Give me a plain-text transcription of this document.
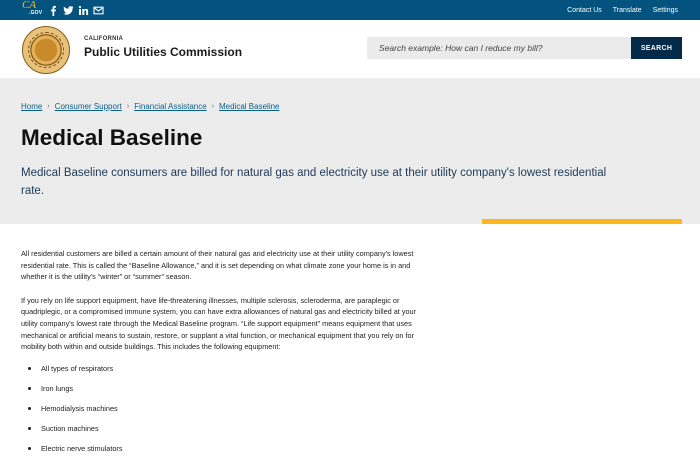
CA
.GOV	Contact Us Translate Settings
CALIFORNIA
Public Utilities Commission
Search example: How can I reduce my bill?	SEARCH
Home › Consumer Support › Financial Assistance › Medical Baseline
Medical Baseline

Medical Baseline consumers are billed for natural gas and electricity use at their utility company's lowest residential rate.

All residential customers are billed a certain amount of their natural gas and electricity use at their utility company's lowest residential rate. This is called the “Baseline Allowance,” and it is set depending on what climate zone your home is in and whether it is the utility's “winter” or “summer” season.

If you rely on life support equipment, have life-threatening illnesses, multiple sclerosis, scleroderma, are paraplegic or quadriplegic, or a compromised immune system, you can have extra allowances of natural gas and electricity billed at your utility company's lowest rate through the Medical Baseline program. “Life support equipment” means equipment that uses mechanical or artificial means to sustain, restore, or supplant a vital function, or mechanical equipment that you rely on for mobility both within and outside buildings. This includes the following equipment:

All types of respirators
Iron lungs
Hemodialysis machines
Suction machines
Electric nerve stimulators
